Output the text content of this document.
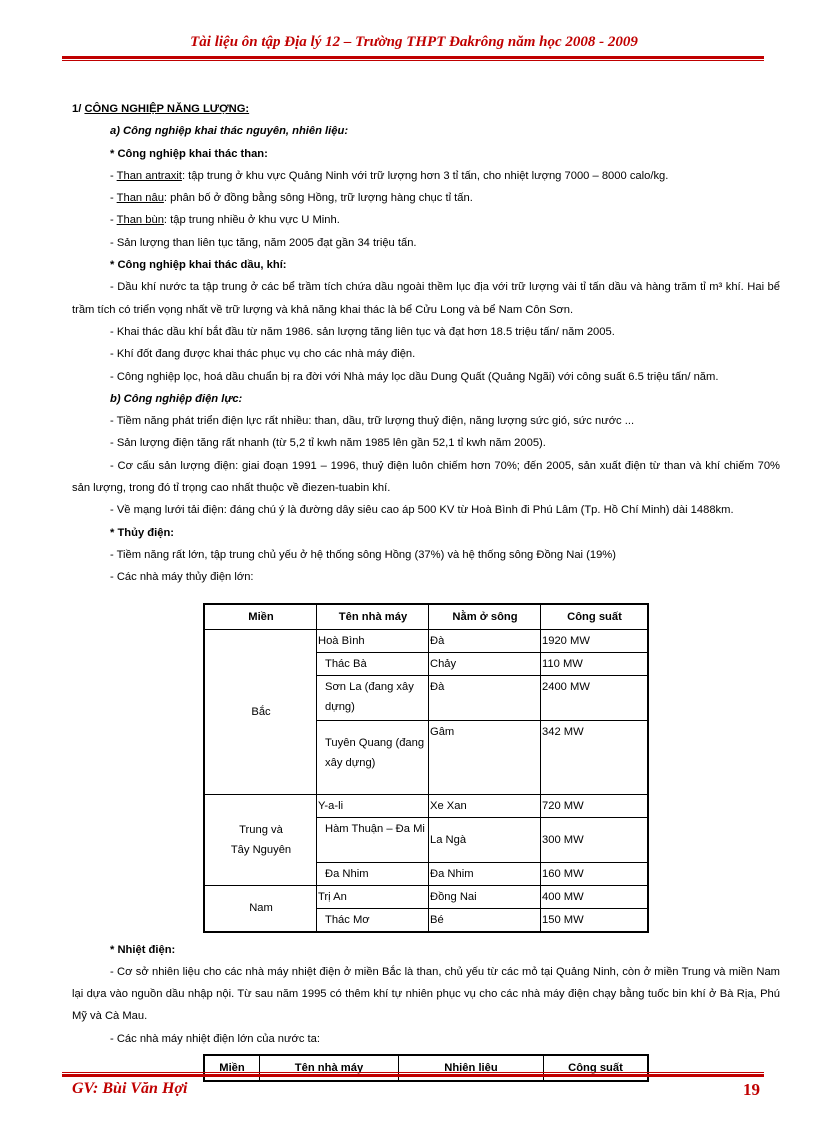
Tài liệu ôn tập Địa lý 12 – Trường THPT Đakrông năm học 2008 - 2009

1/ CÔNG NGHIỆP NĂNG LƯỢNG:

a) Công nghiệp khai thác nguyên, nhiên liệu:

* Công nghiệp khai thác than:

- Than antraxit: tập trung ở khu vực Quảng Ninh với trữ lượng hơn 3 tỉ tấn, cho nhiệt lượng 7000 – 8000 calo/kg.

- Than nâu: phân bố ở đồng bằng sông Hồng, trữ lượng hàng chục tỉ tấn.

- Than bùn: tập trung nhiều ở khu vực U Minh.

- Sản lượng than liên tục tăng, năm 2005 đạt gần 34 triệu tấn.

* Công nghiệp khai thác dầu, khí:

- Dầu khí nước ta tập trung ở các bể trầm tích chứa dầu ngoài thềm lục địa với trữ lượng vài tỉ tấn dầu và hàng trăm tỉ m³ khí. Hai bể trầm tích có triển vọng nhất về trữ lượng và khả năng khai thác là bể Cửu Long và bể Nam Côn Sơn.

- Khai thác dầu khí bắt đầu từ năm 1986. sản lượng tăng liên tục và đạt hơn 18.5 triệu tấn/ năm 2005.

- Khí đốt đang được khai thác phục vụ cho các nhà máy điện.

- Công nghiệp lọc, hoá dầu chuẩn bị ra đời với Nhà máy lọc dầu Dung Quất (Quảng Ngãi) với công suất 6.5 triệu tấn/ năm.

b) Công nghiệp điện lực:

- Tiềm năng phát triển điện lực rất nhiều: than, dầu, trữ lượng thuỷ điện, năng lượng sức gió, sức nước ...

- Sản lượng điện tăng rất nhanh (từ 5,2 tỉ kwh năm 1985 lên gần 52,1 tỉ kwh năm 2005).

- Cơ cấu sản lượng điện: giai đoạn 1991 – 1996, thuỷ điện luôn chiếm hơn 70%; đến 2005, sản xuất điện từ than và khí chiếm 70% sản lượng, trong đó tỉ trọng cao nhất thuộc về điezen-tuabin khí.

- Về mạng lưới tải điện: đáng chú ý là đường dây siêu cao áp 500 KV từ Hoà Bình đi Phú Lâm (Tp. Hồ Chí Minh) dài 1488km.

* Thủy điện:

- Tiềm năng rất lớn, tập trung chủ yếu ở hệ thống sông Hồng (37%) và hệ thống sông Đồng Nai (19%)

- Các nhà máy thủy điện lớn:

Miền	Tên nhà máy	Nằm ở sông	Công suất
Bắc	Hoà Bình	Đà	1920 MW
	Thác Bà	Chảy	110 MW
	Sơn La (đang xây dựng)	Đà	2400 MW
	Tuyên Quang (đang xây dựng)	Gâm	342 MW
Trung và
Tây Nguyên	Y-a-li	Xe Xan	720 MW
	Hàm Thuận – Đa Mi	La Ngà	300 MW
	Đa Nhim	Đa Nhim	160 MW
Nam	Trị An	Đồng Nai	400 MW
	Thác Mơ	Bé	150 MW

* Nhiệt điện:

- Cơ sở nhiên liệu cho các nhà máy nhiệt điện ở miền Bắc là than, chủ yếu từ các mỏ tại Quảng Ninh, còn ở miền Trung và miền Nam lại dựa vào nguồn dầu nhập nội. Từ sau năm 1995 có thêm khí tự nhiên phục vụ cho các nhà máy điện chạy bằng tuốc bin khí ở Bà Rịa, Phú Mỹ và Cà Mau.

- Các nhà máy nhiệt điện lớn của nước ta:

Miền	Tên nhà máy	Nhiên liệu	Công suất
GV: Bùi Văn Hợi	19
